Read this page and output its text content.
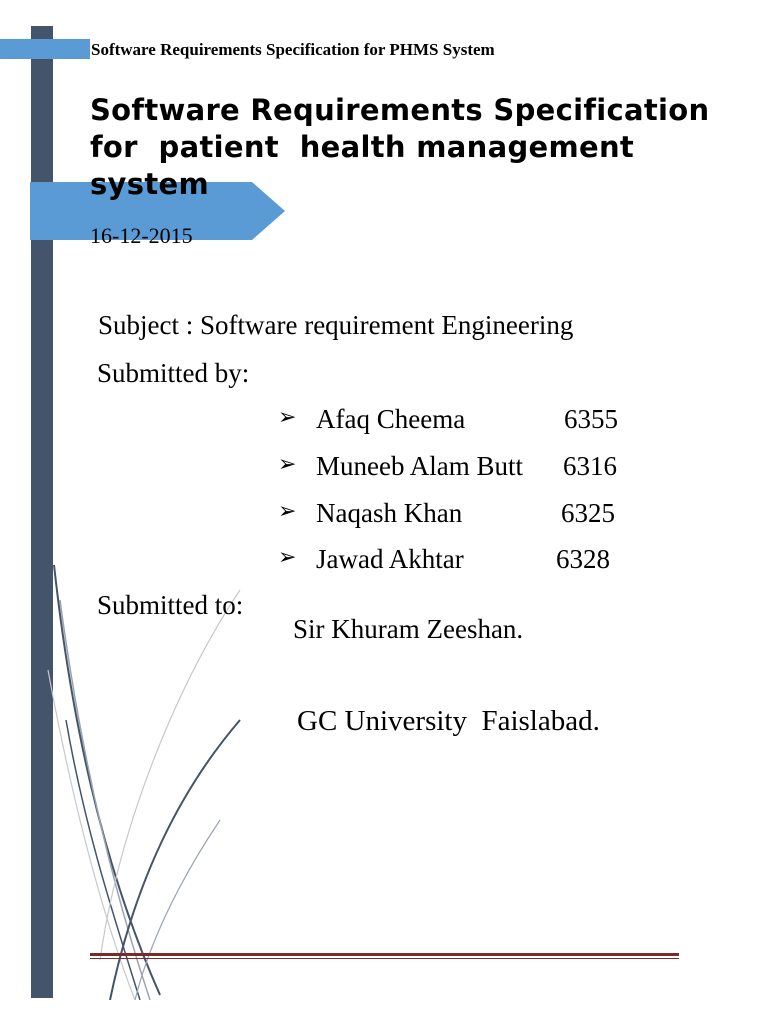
Software Requirements Specification for PHMS System
Software Requirements Specification
for  patient  health management
system
16-12-2015
Subject : Software requirement Engineering
Submitted by:
➢ Afaq Cheema	6355
➢ Muneeb Alam Butt 6316
➢ Naqash Khan	6325
➢ Jawad Akhtar	6328
Submitted to:
Sir Khuram Zeeshan.
GC University  Faislabad.
